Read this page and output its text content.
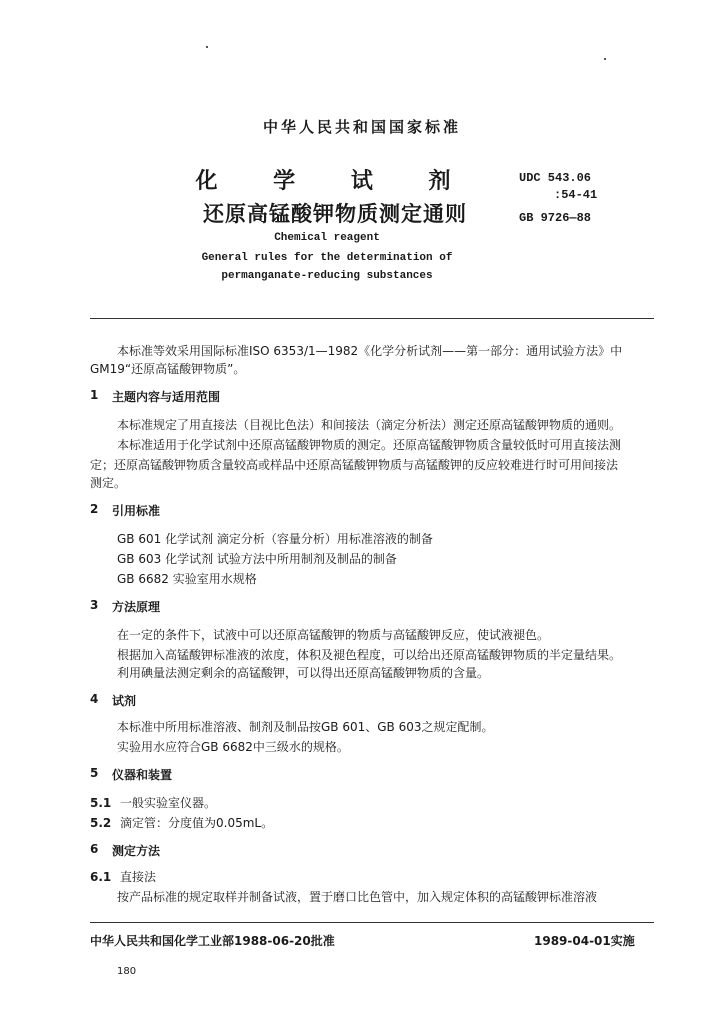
中华人民共和国国家标准
化 学 试 剂
还原高锰酸钾物质测定通则
UDC 543.06
:54-41
GB 9726—88
Chemical reagent
General rules for the determination of
permanganate-reducing substances
本标准等效采用国际标准ISO 6353/1—1982《化学分析试剂——第一部分：通用试验方法》中
GM19“还原高锰酸钾物质”。
1 主题内容与适用范围
本标准规定了用直接法（目视比色法）和间接法（滴定分析法）测定还原高锰酸钾物质的通则。
本标准适用于化学试剂中还原高锰酸钾物质的测定。还原高锰酸钾物质含量较低时可用直接法测
定；还原高锰酸钾物质含量较高或样品中还原高锰酸钾物质与高锰酸钾的反应较难进行时可用间接法
测定。
2 引用标准
GB 601 化学试剂 滴定分析（容量分析）用标准溶液的制备
GB 603 化学试剂 试验方法中所用制剂及制品的制备
GB 6682 实验室用水规格
3 方法原理
在一定的条件下，试液中可以还原高锰酸钾的物质与高锰酸钾反应，使试液褪色。
根据加入高锰酸钾标准液的浓度，体积及褪色程度，可以给出还原高锰酸钾物质的半定量结果。
利用碘量法测定剩余的高锰酸钾，可以得出还原高锰酸钾物质的含量。
4 试剂
本标准中所用标准溶液、制剂及制品按GB 601、GB 603之规定配制。
实验用水应符合GB 6682中三级水的规格。
5 仪器和装置
5.1 一般实验室仪器。
5.2 滴定管：分度值为0.05mL。
6 测定方法
6.1 直接法
按产品标准的规定取样并制备试液，置于磨口比色管中，加入规定体积的高锰酸钾标准溶液
中华人民共和国化学工业部1988-06-20批准	1989-04-01实施
180
